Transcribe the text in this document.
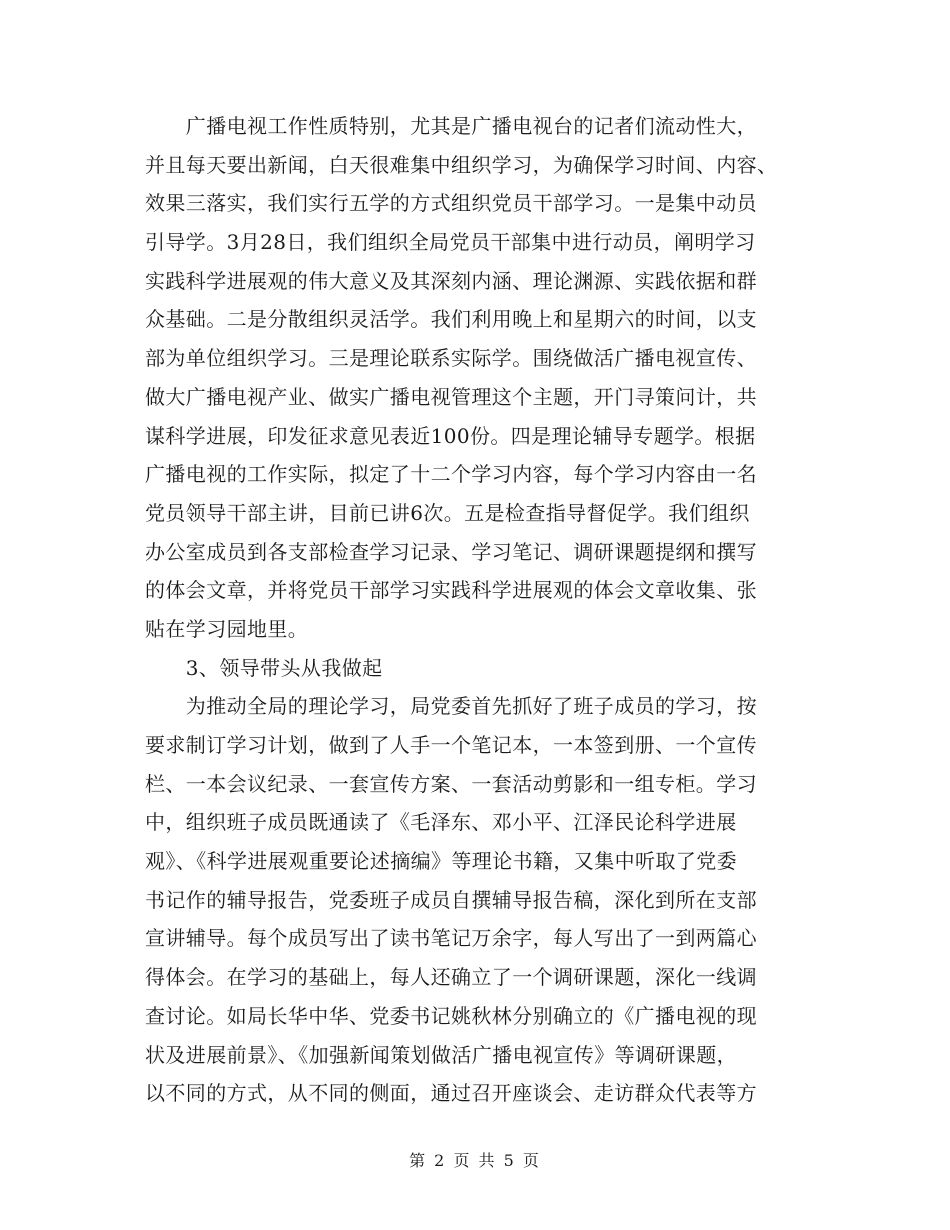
　　广播电视工作性质特别，尤其是广播电视台的记者们流动性大，
并且每天要出新闻，白天很难集中组织学习，为确保学习时间、内容、
效果三落实，我们实行五学的方式组织党员干部学习。一是集中动员
引导学。3月28日，我们组织全局党员干部集中进行动员，阐明学习
实践科学进展观的伟大意义及其深刻内涵、理论渊源、实践依据和群
众基础。二是分散组织灵活学。我们利用晚上和星期六的时间，以支
部为单位组织学习。三是理论联系实际学。围绕做活广播电视宣传、
做大广播电视产业、做实广播电视管理这个主题，开门寻策问计，共
谋科学进展，印发征求意见表近100份。四是理论辅导专题学。根据
广播电视的工作实际，拟定了十二个学习内容，每个学习内容由一名
党员领导干部主讲，目前已讲6次。五是检查指导督促学。我们组织
办公室成员到各支部检查学习记录、学习笔记、调研课题提纲和撰写
的体会文章，并将党员干部学习实践科学进展观的体会文章收集、张
贴在学习园地里。
　　3、领导带头从我做起
　　为推动全局的理论学习，局党委首先抓好了班子成员的学习，按
要求制订学习计划，做到了人手一个笔记本，一本签到册、一个宣传
栏、一本会议纪录、一套宣传方案、一套活动剪影和一组专柜。学习
中，组织班子成员既通读了《毛泽东、邓小平、江泽民论科学进展
观》、《科学进展观重要论述摘编》等理论书籍，又集中听取了党委
书记作的辅导报告，党委班子成员自撰辅导报告稿，深化到所在支部
宣讲辅导。每个成员写出了读书笔记万余字，每人写出了一到两篇心
得体会。在学习的基础上，每人还确立了一个调研课题，深化一线调
查讨论。如局长华中华、党委书记姚秋林分别确立的《广播电视的现
状及进展前景》、《加强新闻策划做活广播电视宣传》等调研课题，
以不同的方式，从不同的侧面，通过召开座谈会、走访群众代表等方
第 2 页 共 5 页
